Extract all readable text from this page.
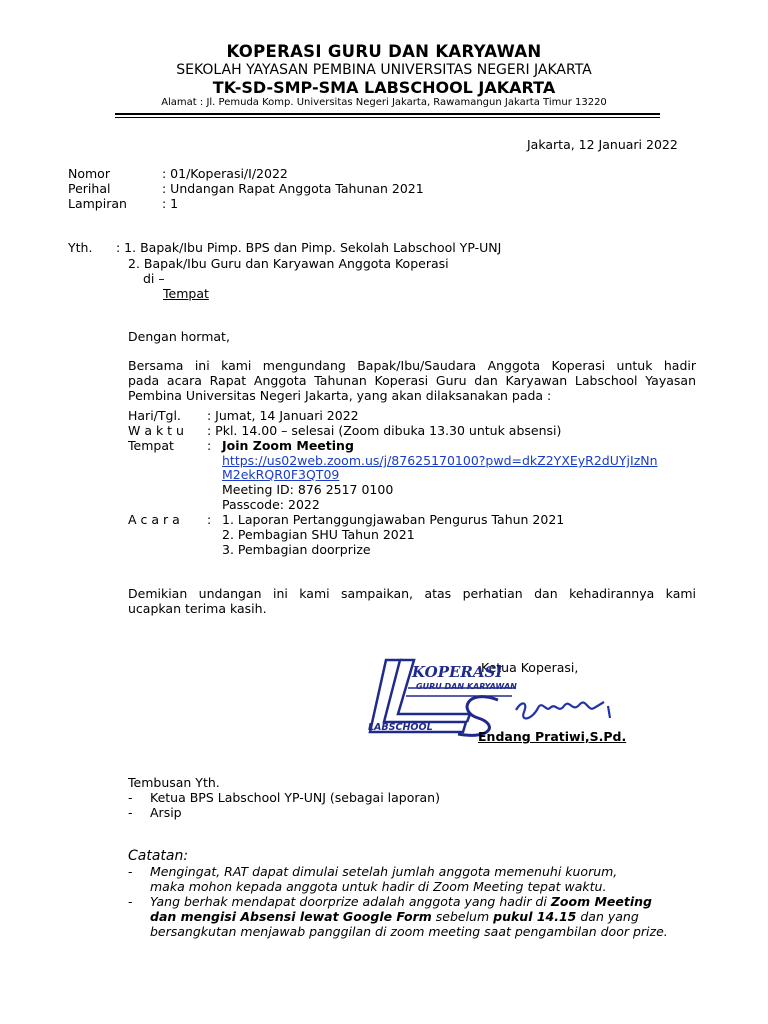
KOPERASI GURU DAN KARYAWAN
SEKOLAH YAYASAN PEMBINA UNIVERSITAS NEGERI JAKARTA
TK-SD-SMP-SMA LABSCHOOL JAKARTA
Alamat : Jl. Pemuda Komp. Universitas Negeri Jakarta, Rawamangun Jakarta Timur 13220
Jakarta, 12 Januari 2022
Nomor	: 01/Koperasi/I/2022
Perihal	: Undangan Rapat Anggota Tahunan 2021
Lampiran	: 1
Yth. : 1. Bapak/Ibu Pimp. BPS dan Pimp. Sekolah Labschool YP-UNJ
2. Bapak/Ibu Guru dan Karyawan Anggota Koperasi
di –
Tempat
Dengan hormat,
Bersama ini kami mengundang Bapak/Ibu/Saudara Anggota Koperasi untuk hadir
pada acara Rapat Anggota Tahunan Koperasi Guru dan Karyawan Labschool Yayasan
Pembina Universitas Negeri Jakarta, yang akan dilaksanakan pada :
Hari/Tgl. : Jumat, 14 Januari 2022
W a k t u : Pkl. 14.00 – selesai (Zoom dibuka 13.30 untuk absensi)
Tempat	: Join Zoom Meeting
https://us02web.zoom.us/j/87625170100?pwd=dkZ2YXEyR2dUYjIzNn
M2ekRQR0F3QT09
Meeting ID: 876 2517 0100
Passcode: 2022
A c a r a : 1. Laporan Pertanggungjawaban Pengurus Tahun 2021
2. Pembagian SHU Tahun 2021
3. Pembagian doorprize
Demikian undangan ini kami sampaikan, atas perhatian dan kehadirannya kami
ucapkan terima kasih.
Ketua Koperasi,
KOPERASI
GURU DAN KARYAWAN
LABSCHOOL
Endang Pratiwi,S.Pd.
Tembusan Yth.
- Ketua BPS Labschool YP-UNJ (sebagai laporan)
- Arsip
Catatan:
- Mengingat, RAT dapat dimulai setelah jumlah anggota memenuhi kuorum,
maka mohon kepada anggota untuk hadir di Zoom Meeting tepat waktu.
- Yang berhak mendapat doorprize adalah anggota yang hadir di Zoom Meeting
dan mengisi Absensi lewat Google Form sebelum pukul 14.15 dan yang
bersangkutan menjawab panggilan di zoom meeting saat pengambilan door prize.
